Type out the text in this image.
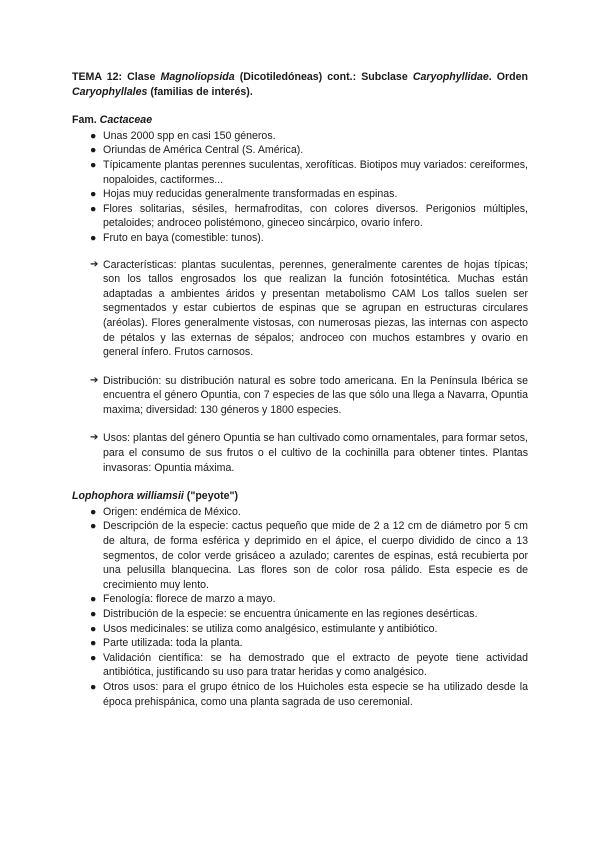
TEMA 12: Clase Magnoliopsida (Dicotiledóneas) cont.: Subclase Caryophyllidae. Orden Caryophyllales (familias de interés).

Fam. Cactaceae

● Unas 2000 spp en casi 150 géneros.
● Oriundas de América Central (S. América).
● Típicamente plantas perennes suculentas, xerofíticas. Biotipos muy variados: cereiformes, nopaloides, cactiformes...
● Hojas muy reducidas generalmente transformadas en espinas.
● Flores solitarias, sésiles, hermafroditas, con colores diversos. Perigonios múltiples, petaloides; androceo polistémono, gineceo sincárpico, ovario ínfero.
● Fruto en baya (comestible: tunos).

➔ Características: plantas suculentas, perennes, generalmente carentes de hojas típicas; son los tallos engrosados los que realizan la función fotosintética. Muchas están adaptadas a ambientes áridos y presentan metabolismo CAM Los tallos suelen ser segmentados y estar cubiertos de espinas que se agrupan en estructuras circulares (aréolas). Flores generalmente vistosas, con numerosas piezas, las internas con aspecto de pétalos y las externas de sépalos; androceo con muchos estambres y ovario en general ínfero. Frutos carnosos.

➔ Distribución: su distribución natural es sobre todo americana. En la Península Ibérica se encuentra el género Opuntia, con 7 especies de las que sólo una llega a Navarra, Opuntia maxima; diversidad: 130 géneros y 1800 especies.

➔ Usos: plantas del género Opuntia se han cultivado como ornamentales, para formar setos, para el consumo de sus frutos o el cultivo de la cochinilla para obtener tintes. Plantas invasoras: Opuntia máxima.

Lophophora williamsii ("peyote")

● Origen: endémica de México.
● Descripción de la especie: cactus pequeño que mide de 2 a 12 cm de diámetro por 5 cm de altura, de forma esférica y deprimido en el ápice, el cuerpo dividido de cinco a 13 segmentos, de color verde grisáceo a azulado; carentes de espinas, está recubierta por una pelusilla blanquecina. Las flores son de color rosa pálido. Esta especie es de crecimiento muy lento.
● Fenología: florece de marzo a mayo.
● Distribución de la especie: se encuentra únicamente en las regiones desérticas.
● Usos medicinales: se utiliza como analgésico, estimulante y antibiótico.
● Parte utilizada: toda la planta.
● Validación científica: se ha demostrado que el extracto de peyote tiene actividad antibiótica, justificando su uso para tratar heridas y como analgésico.
● Otros usos: para el grupo étnico de los Huicholes esta especie se ha utilizado desde la época prehispánica, como una planta sagrada de uso ceremonial.
